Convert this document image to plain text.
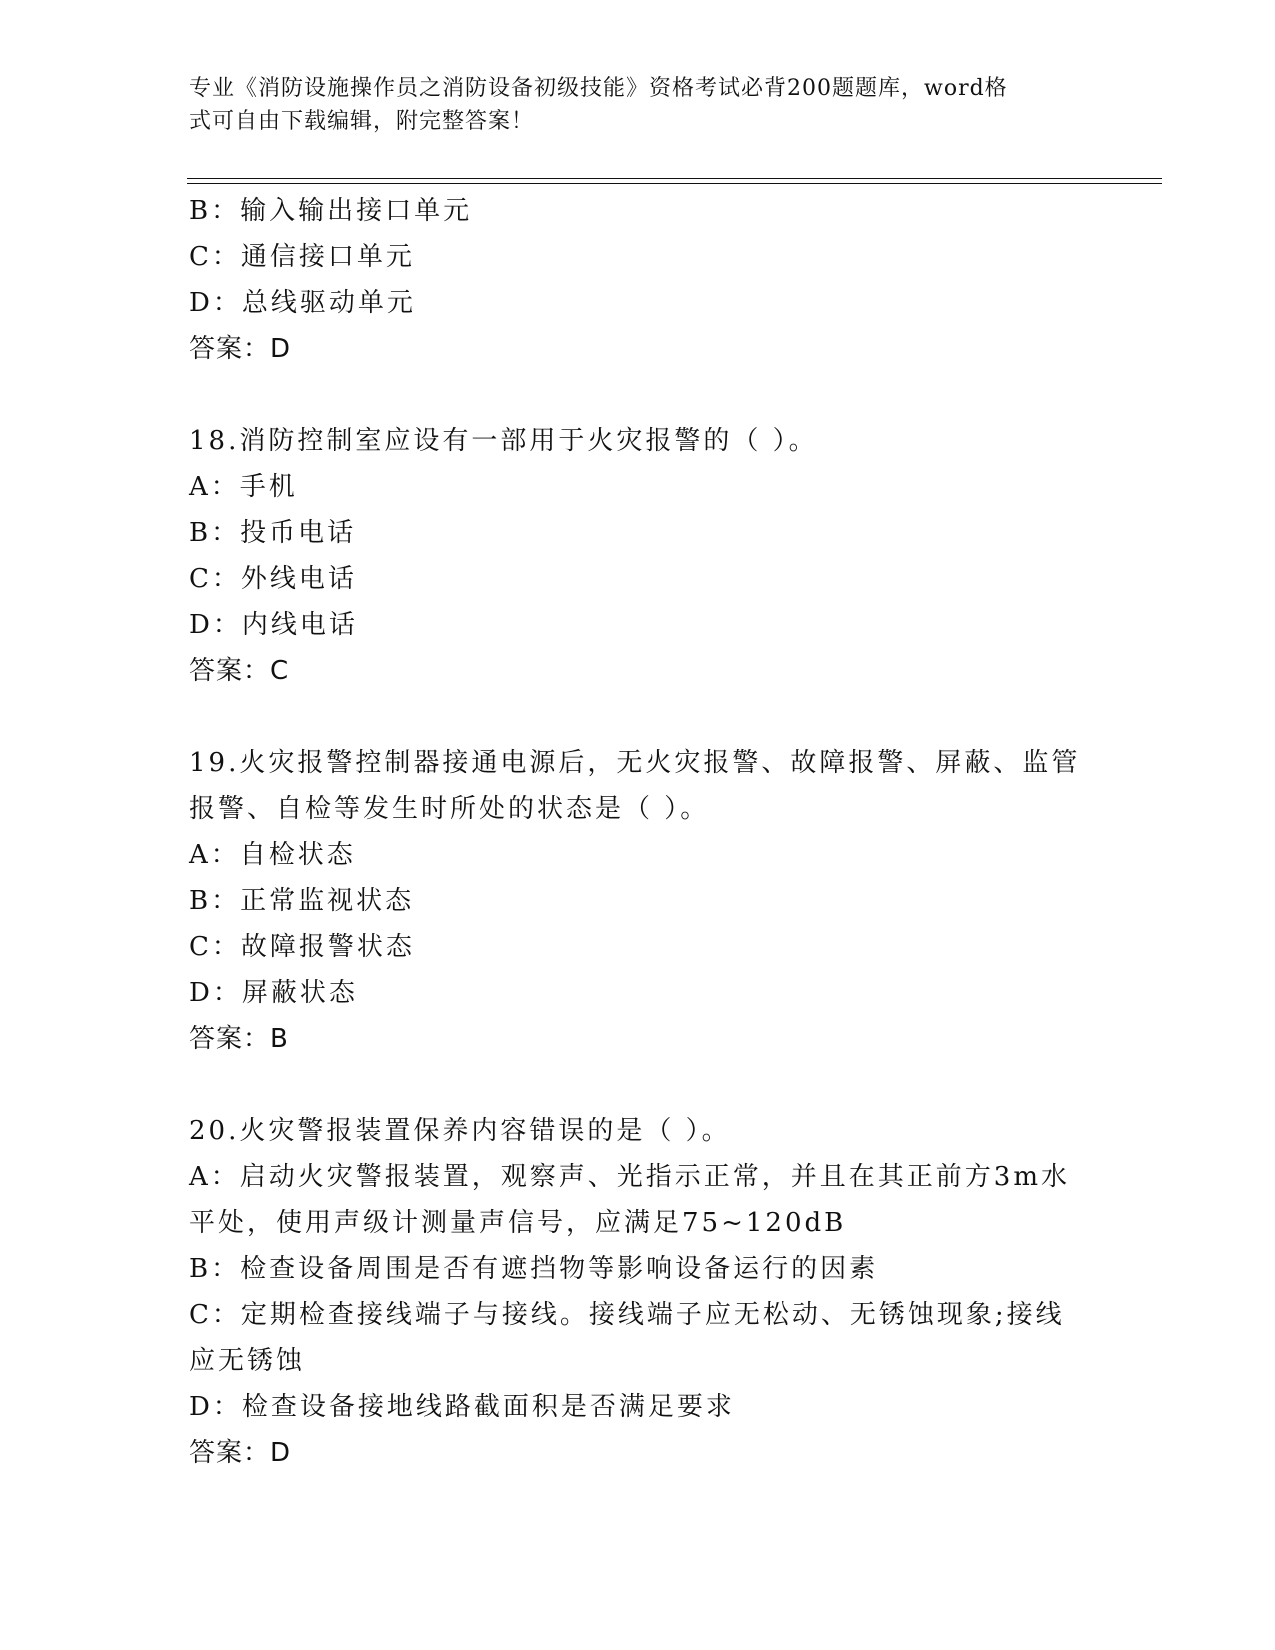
专业《消防设施操作员之消防设备初级技能》资格考试必背200题题库，word格
式可自由下载编辑，附完整答案！
B：输入输出接口单元
C：通信接口单元
D：总线驱动单元
答案：D
18.消防控制室应设有一部用于火灾报警的（ ）。
A：手机
B：投币电话
C：外线电话
D：内线电话
答案：C
19.火灾报警控制器接通电源后，无火灾报警、故障报警、屏蔽、监管
报警、自检等发生时所处的状态是（ ）。
A：自检状态
B：正常监视状态
C：故障报警状态
D：屏蔽状态
答案：B
20.火灾警报装置保养内容错误的是（ ）。
A：启动火灾警报装置，观察声、光指示正常，并且在其正前方3m水
平处，使用声级计测量声信号，应满足75~120dB
B：检查设备周围是否有遮挡物等影响设备运行的因素
C：定期检查接线端子与接线。接线端子应无松动、无锈蚀现象;接线
应无锈蚀
D：检查设备接地线路截面积是否满足要求
答案：D
